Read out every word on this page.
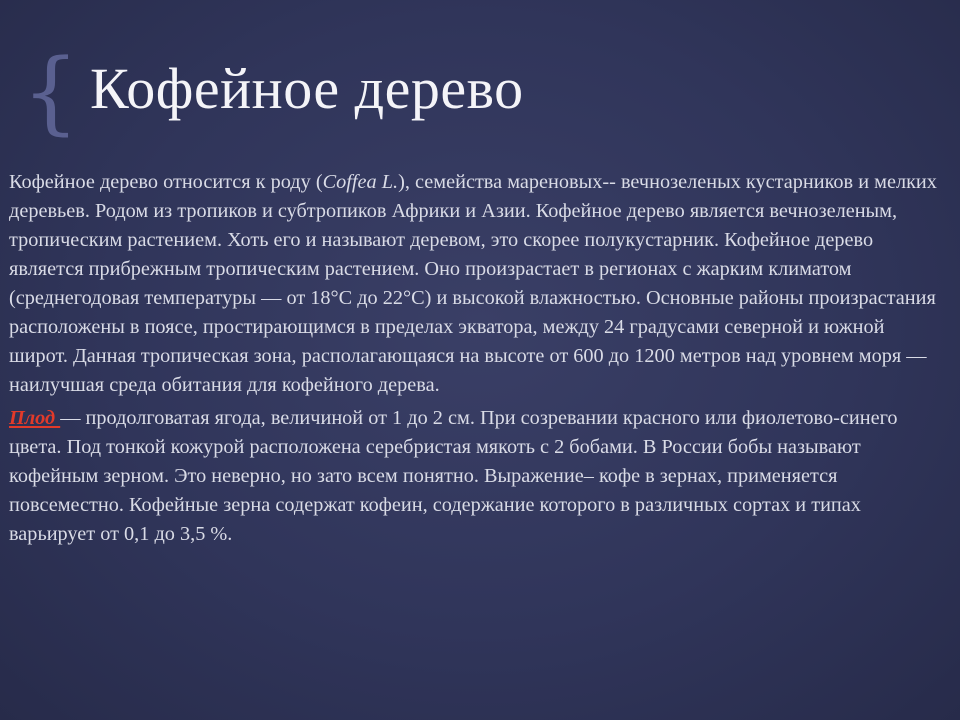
{ Кофейное дерево

Кофейное дерево относится к роду (Coffea L.), семейства мареновых-- вечнозеленых кустарников и мелких деревьев. Родом из тропиков и субтропиков Африки и Азии. Кофейное дерево является вечнозеленым, тропическим растением. Хоть его и называют деревом, это скорее полукустарник. Кофейное дерево является прибрежным тропическим растением. Оно произрастает в регионах с жарким климатом (среднегодовая температуры — от 18°C до 22°C) и высокой влажностью. Основные районы произрастания расположены в поясе, простирающимся в пределах экватора, между 24 градусами северной и южной широт. Данная тропическая зона, располагающаяся на высоте от 600 до 1200 метров над уровнем моря — наилучшая среда обитания для кофейного дерева.

Плод — продолговатая ягода, величиной от 1 до 2 см. При созревании красного или фиолетово-синего цвета. Под тонкой кожурой расположена серебристая мякоть с 2 бобами. В России бобы называют кофейным зерном. Это неверно, но зато всем понятно. Выражение– кофе в зернах, применяется повсеместно. Кофейные зерна содержат кофеин, содержание которого в различных сортах и типах варьирует от 0,1 до 3,5 %.
